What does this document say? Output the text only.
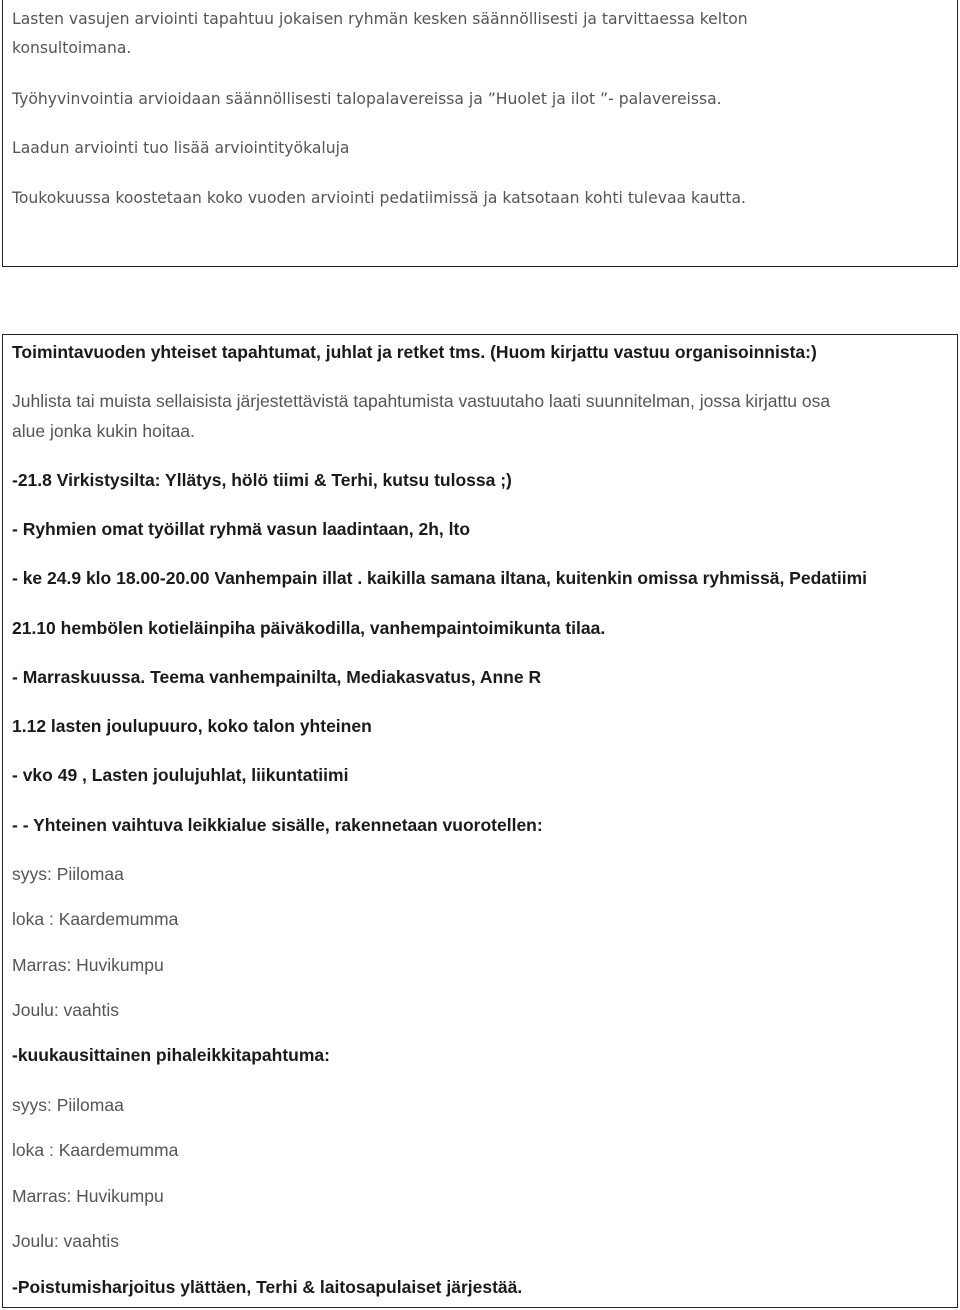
Lasten vasujen arviointi tapahtuu jokaisen ryhmän kesken säännöllisesti ja tarvittaessa kelton

konsultoimana.

Työhyvinvointia arvioidaan säännöllisesti talopalavereissa ja ”Huolet ja ilot ”- palavereissa.

Laadun arviointi tuo lisää arviointityökaluja

Toukokuussa koostetaan koko vuoden arviointi pedatiimissä ja katsotaan kohti tulevaa kautta.

Toimintavuoden yhteiset tapahtumat, juhlat ja retket tms. (Huom kirjattu vastuu organisoinnista:)

Juhlista tai muista sellaisista järjestettävistä tapahtumista vastuutaho laati suunnitelman, jossa kirjattu osa

alue jonka kukin hoitaa.

-21.8 Virkistysilta: Yllätys, hölö tiimi & Terhi, kutsu tulossa ;)

- Ryhmien omat työillat ryhmä vasun laadintaan, 2h, lto

- ke 24.9 klo 18.00-20.00 Vanhempain illat . kaikilla samana iltana, kuitenkin omissa ryhmissä, Pedatiimi

21.10 hembölen kotieläinpiha päiväkodilla, vanhempaintoimikunta tilaa.

- Marraskuussa. Teema vanhempainilta, Mediakasvatus, Anne R

1.12 lasten joulupuuro, koko talon yhteinen

- vko 49 , Lasten joulujuhlat, liikuntatiimi

- - Yhteinen vaihtuva leikkialue sisälle, rakennetaan vuorotellen:

syys: Piilomaa

loka : Kaardemumma

Marras: Huvikumpu

Joulu: vaahtis

-kuukausittainen pihaleikkitapahtuma:

syys: Piilomaa

loka : Kaardemumma

Marras: Huvikumpu

Joulu: vaahtis

-Poistumisharjoitus ylättäen, Terhi & laitosapulaiset järjestää.
